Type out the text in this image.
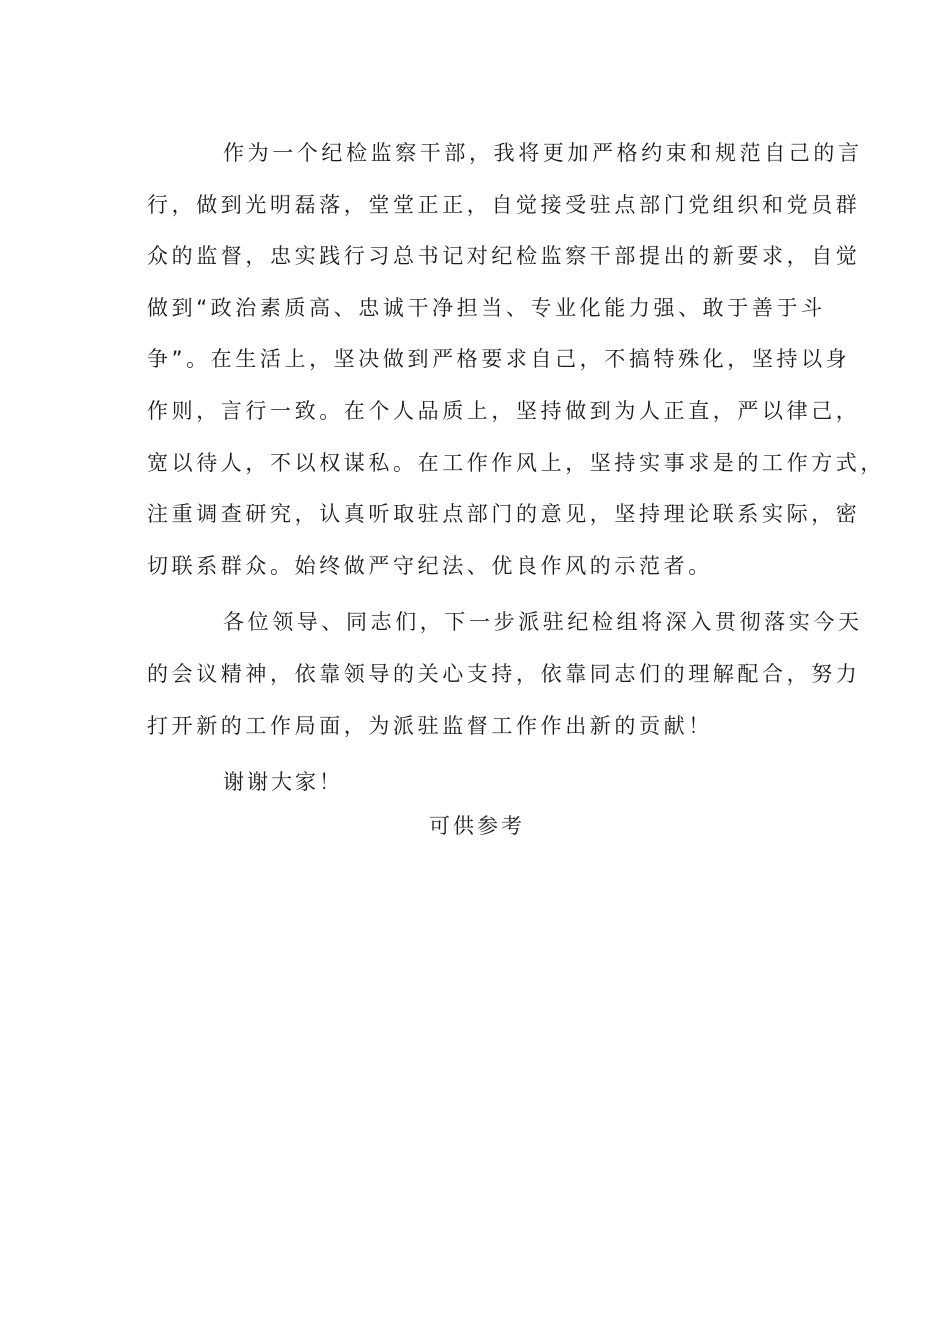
作为一个纪检监察干部，我将更加严格约束和规范自己的言
行，做到光明磊落，堂堂正正，自觉接受驻点部门党组织和党员群
众的监督，忠实践行习总书记对纪检监察干部提出的新要求，自觉
做到“政治素质高、忠诚干净担当、专业化能力强、敢于善于斗
争”。在生活上，坚决做到严格要求自己，不搞特殊化，坚持以身
作则，言行一致。在个人品质上，坚持做到为人正直，严以律己，
宽以待人，不以权谋私。在工作作风上，坚持实事求是的工作方式，
注重调查研究，认真听取驻点部门的意见，坚持理论联系实际，密
切联系群众。始终做严守纪法、优良作风的示范者。
各位领导、同志们，下一步派驻纪检组将深入贯彻落实今天
的会议精神，依靠领导的关心支持，依靠同志们的理解配合，努力
打开新的工作局面，为派驻监督工作作出新的贡献！
谢谢大家！
可供参考
